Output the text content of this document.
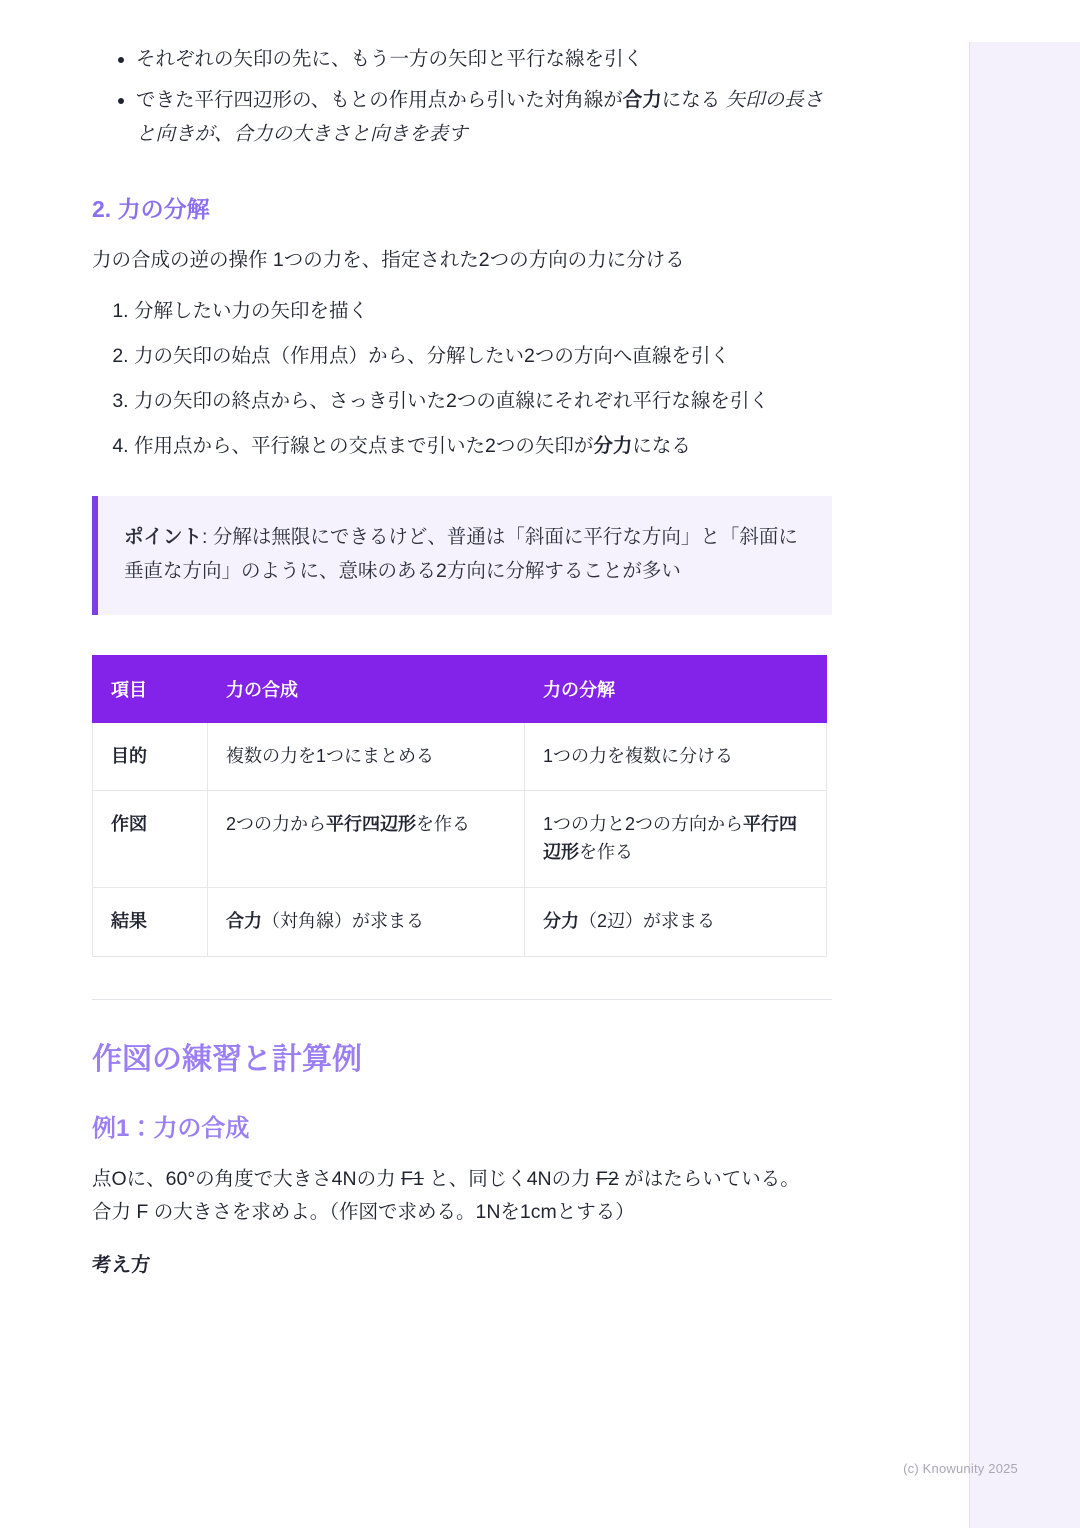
• それぞれの矢印の先に、もう一方の矢印と平行な線を引く
• できた平行四辺形の、もとの作用点から引いた対角線が合力になる 矢印の長さと向きが、合力の大きさと向きを表す
2. 力の分解

力の合成の逆の操作 1つの力を、指定された2つの方向の力に分ける

1. 分解したい力の矢印を描く
2. 力の矢印の始点（作用点）から、分解したい2つの方向へ直線を引く
3. 力の矢印の終点から、さっき引いた2つの直線にそれぞれ平行な線を引く
4. 作用点から、平行線との交点まで引いた2つの矢印が分力になる

ポイント: 分解は無限にできるけど、普通は「斜面に平行な方向」と「斜面に垂直な方向」のように、意味のある2方向に分解することが多い

項目	力の合成	力の分解
目的	複数の力を1つにまとめる	1つの力を複数に分ける
作図	2つの力から平行四辺形を作る	1つの力と2つの方向から平行四辺形を作る
結果	合力（対角線）が求まる	分力（2辺）が求まる
作図の練習と計算例
例1：力の合成

点Oに、60°の角度で大きさ4Nの力 F1 と、同じく4Nの力 F2 がはたらいている。
合力 F の大きさを求めよ。（作図で求める。1Nを1cmとする）

考え方

(c) Knowunity 2025
